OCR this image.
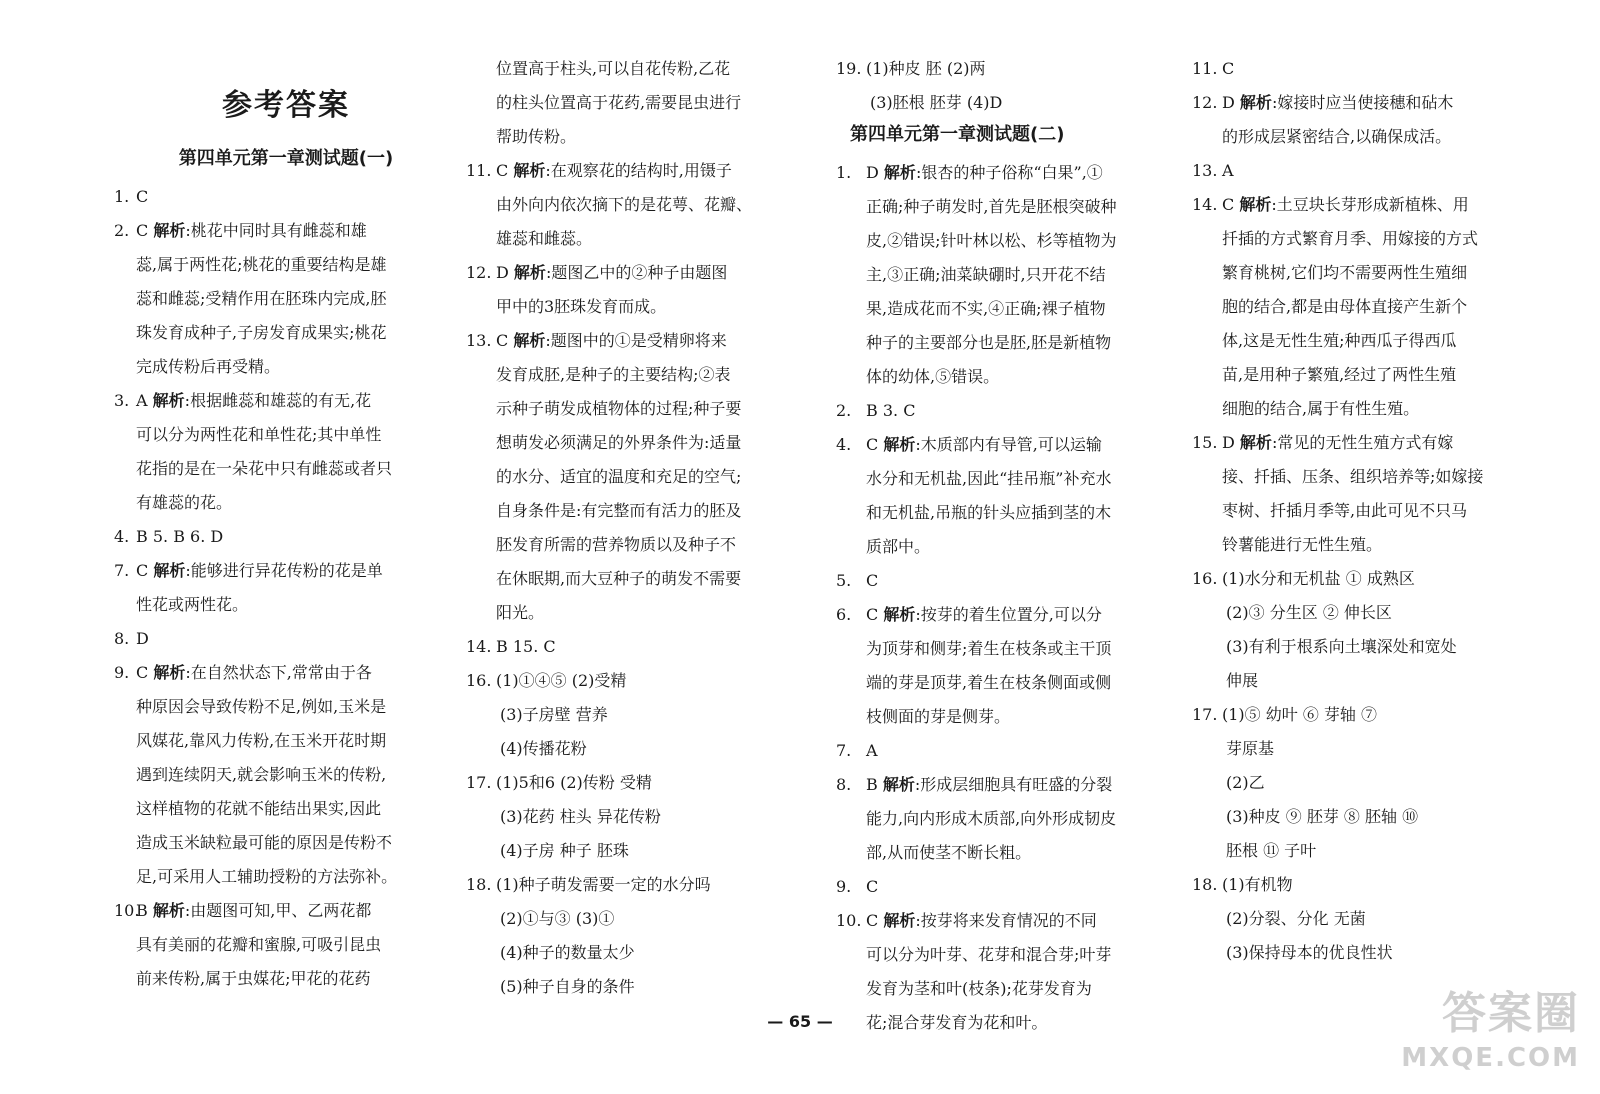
参考答案
第四单元第一章测试题(一)
1. C
2. C 解析:桃花中同时具有雌蕊和雄
蕊,属于两性花;桃花的重要结构是雄
蕊和雌蕊;受精作用在胚珠内完成,胚
珠发育成种子,子房发育成果实;桃花
完成传粉后再受精。
3. A 解析:根据雌蕊和雄蕊的有无,花
可以分为两性花和单性花;其中单性
花指的是在一朵花中只有雌蕊或者只
有雄蕊的花。
4. B 5. B 6. D
7. C 解析:能够进行异花传粉的花是单
性花或两性花。
8. D
9. C 解析:在自然状态下,常常由于各
种原因会导致传粉不足,例如,玉米是
风媒花,靠风力传粉,在玉米开花时期
遇到连续阴天,就会影响玉米的传粉,
这样植物的花就不能结出果实,因此
造成玉米缺粒最可能的原因是传粉不
足,可采用人工辅助授粉的方法弥补。
10.
B 解析:由题图可知,甲、乙两花都
具有美丽的花瓣和蜜腺,可吸引昆虫
前来传粉,属于虫媒花;甲花的花药
位置高于柱头,可以自花传粉,乙花
的柱头位置高于花药,需要昆虫进行
帮助传粉。
11. C 解析:在观察花的结构时,用镊子
由外向内依次摘下的是花萼、花瓣、
雄蕊和雌蕊。
12. D 解析:题图乙中的②种子由题图
甲中的3胚珠发育而成。
13. C 解析:题图中的①是受精卵将来
发育成胚,是种子的主要结构;②表
示种子萌发成植物体的过程;种子要
想萌发必须满足的外界条件为:适量
的水分、适宜的温度和充足的空气;
自身条件是:有完整而有活力的胚及
胚发育所需的营养物质以及种子不
在休眠期,而大豆种子的萌发不需要
阳光。
14. B 15. C
16. (1)①④⑤ (2)受精
(3)子房壁 营养
(4)传播花粉
17. (1)5和6 (2)传粉 受精
(3)花药 柱头 异花传粉
(4)子房 种子 胚珠
18. (1)种子萌发需要一定的水分吗
(2)①与③ (3)①
(4)种子的数量太少
(5)种子自身的条件
19. (1)种皮 胚 (2)两
(3)胚根 胚芽 (4)D
第四单元第一章测试题(二)
1. D 解析:银杏的种子俗称“白果”,①
正确;种子萌发时,首先是胚根突破种
皮,②错误;针叶林以松、杉等植物为
主,③正确;油菜缺硼时,只开花不结
果,造成花而不实,④正确;裸子植物
种子的主要部分也是胚,胚是新植物
体的幼体,⑤错误。
2. B 3. C
4. C 解析:木质部内有导管,可以运输
水分和无机盐,因此“挂吊瓶”补充水
和无机盐,吊瓶的针头应插到茎的木
质部中。
5. C
6. C 解析:按芽的着生位置分,可以分
为顶芽和侧芽;着生在枝条或主干顶
端的芽是顶芽,着生在枝条侧面或侧
枝侧面的芽是侧芽。
7. A
8. B 解析:形成层细胞具有旺盛的分裂
能力,向内形成木质部,向外形成韧皮
部,从而使茎不断长粗。
9. C
10. C 解析:按芽将来发育情况的不同
可以分为叶芽、花芽和混合芽;叶芽
发育为茎和叶(枝条);花芽发育为
花;混合芽发育为花和叶。
11. C
12. D 解析:嫁接时应当使接穗和砧木
的形成层紧密结合,以确保成活。
13. A
14. C 解析:土豆块长芽形成新植株、用
扦插的方式繁育月季、用嫁接的方式
繁育桃树,它们均不需要两性生殖细
胞的结合,都是由母体直接产生新个
体,这是无性生殖;种西瓜子得西瓜
苗,是用种子繁殖,经过了两性生殖
细胞的结合,属于有性生殖。
15. D 解析:常见的无性生殖方式有嫁
接、扦插、压条、组织培养等;如嫁接
枣树、扦插月季等,由此可见不只马
铃薯能进行无性生殖。
16. (1)水分和无机盐 ① 成熟区
(2)③ 分生区 ② 伸长区
(3)有利于根系向土壤深处和宽处
伸展
17. (1)⑤ 幼叶 ⑥ 芽轴 ⑦
芽原基
(2)乙
(3)种皮 ⑨ 胚芽 ⑧ 胚轴 ⑩
胚根 ⑪ 子叶
18. (1)有机物
(2)分裂、分化 无菌
(3)保持母本的优良性状
— 65 —	答案圈
MXQE.COM
